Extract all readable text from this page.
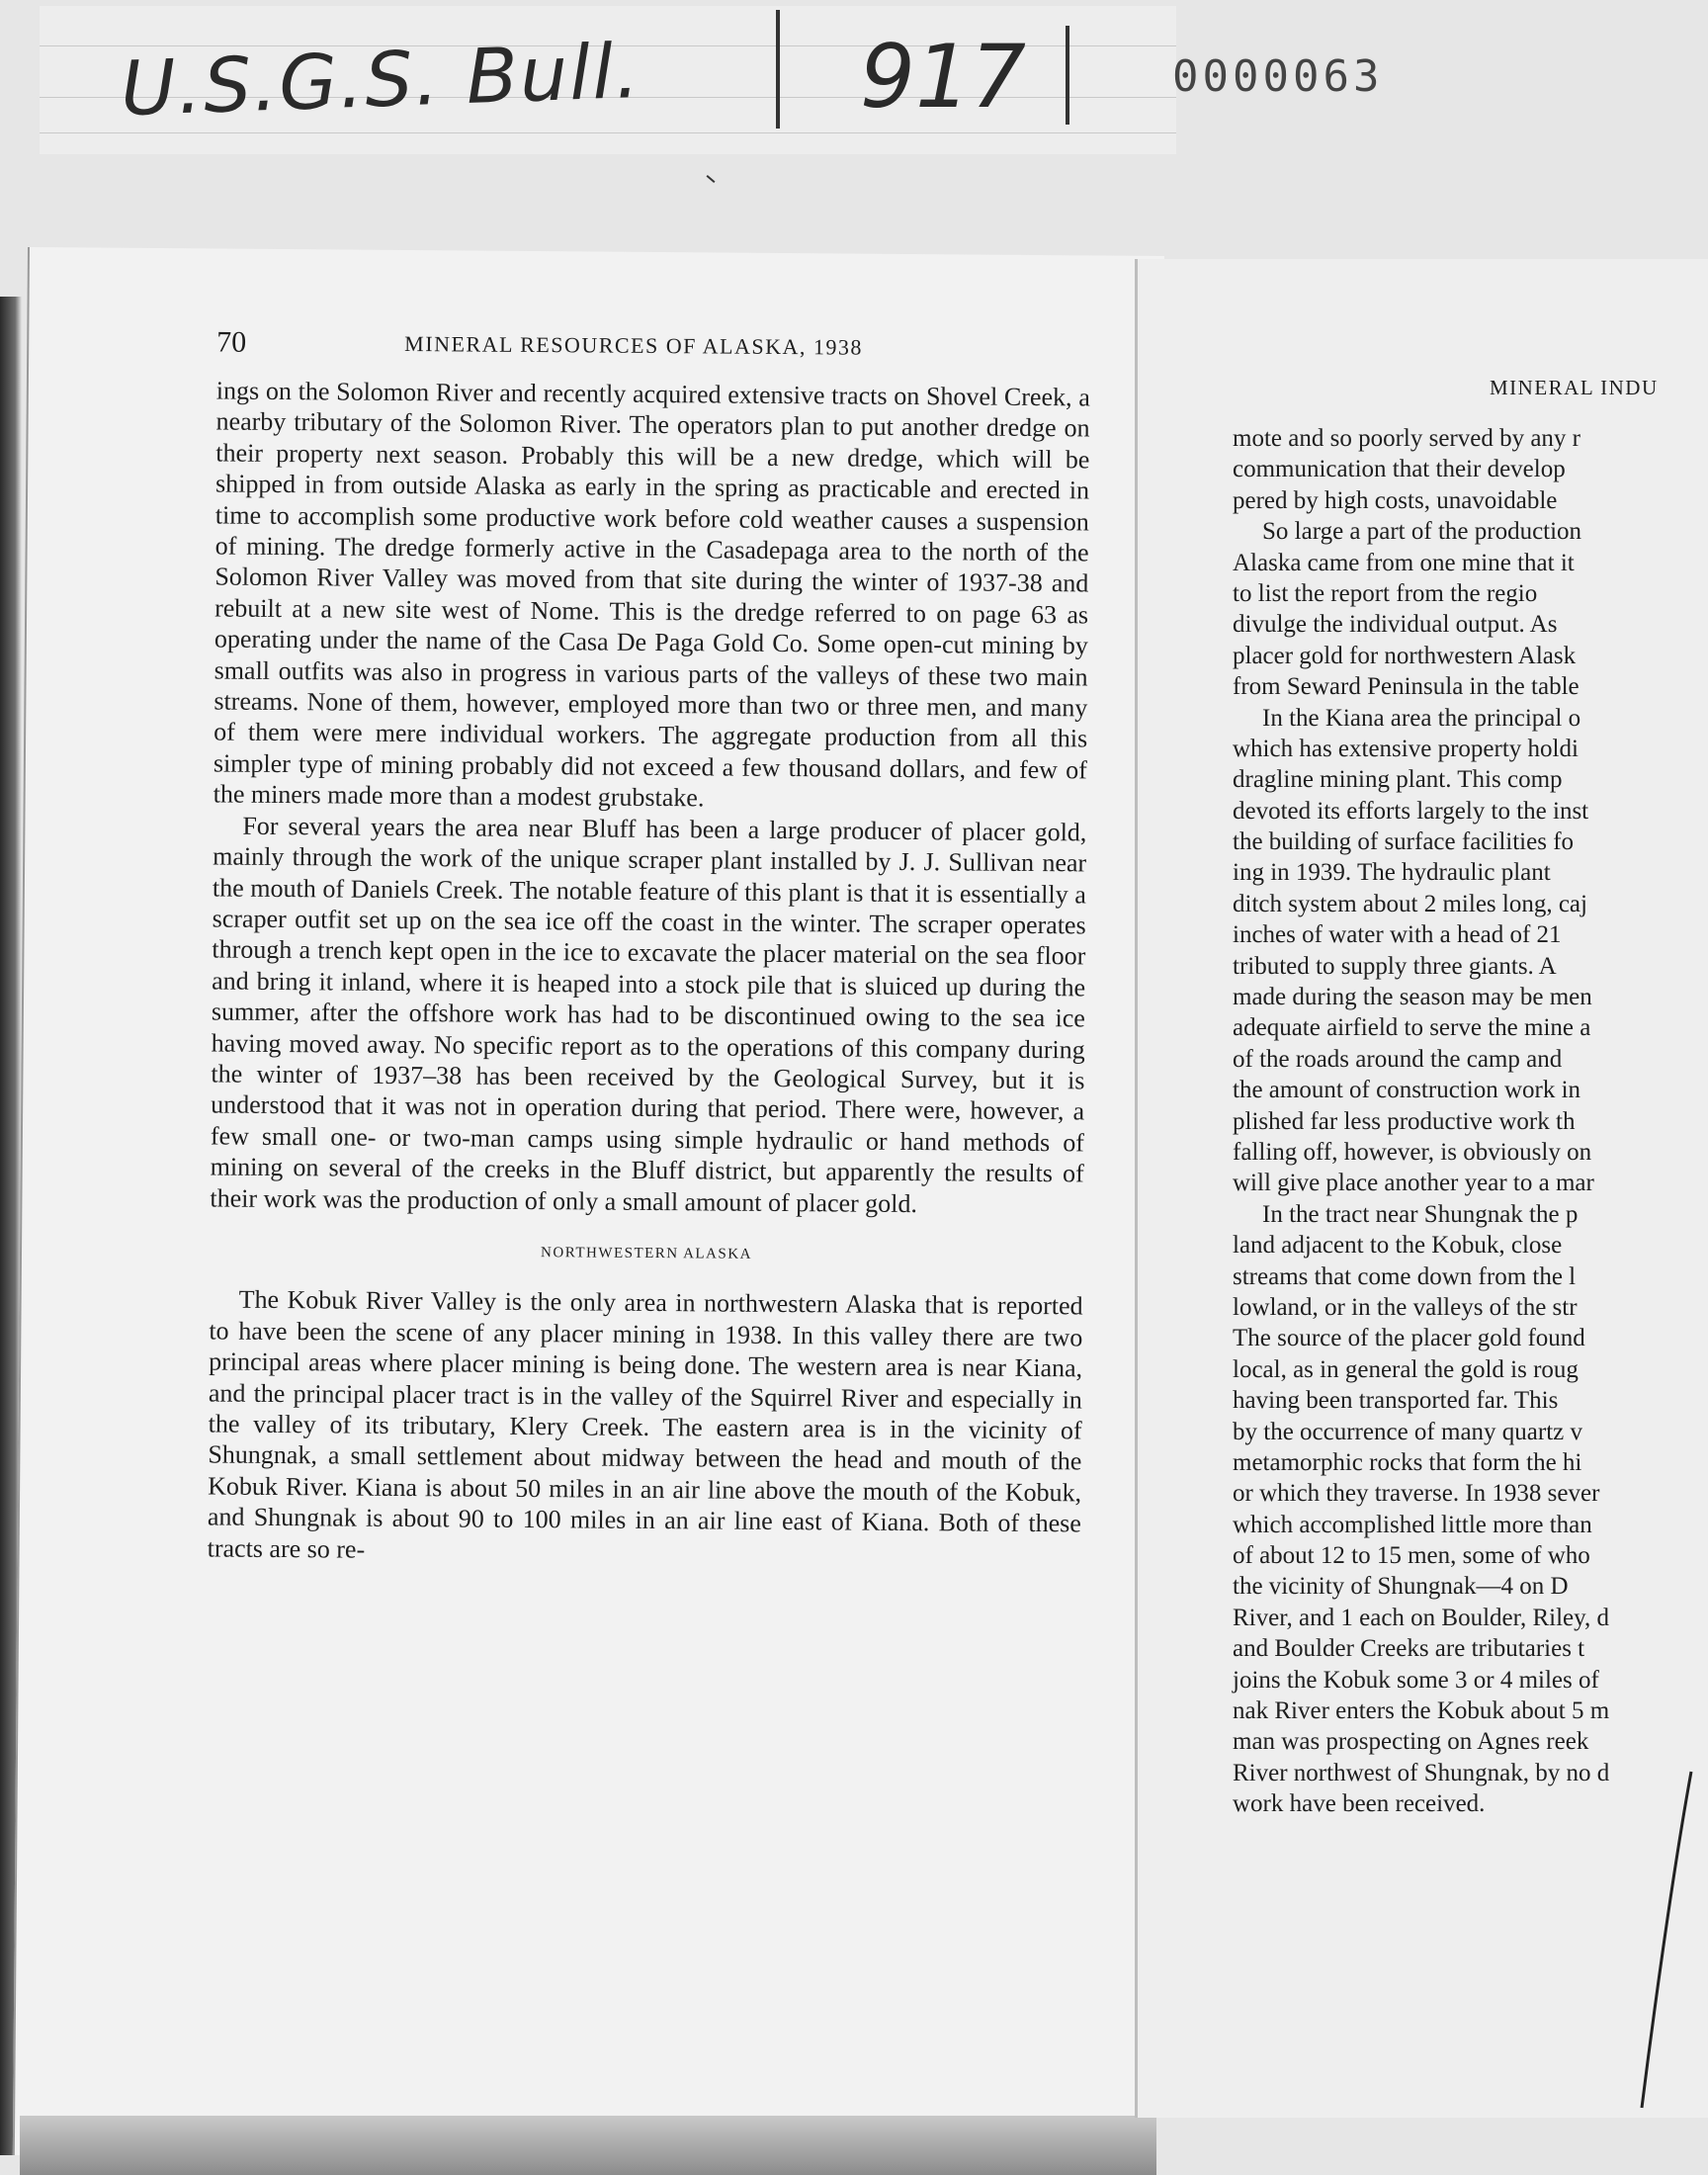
U.S.G.S. Bull.	917	0000063
70	MINERAL RESOURCES OF ALASKA, 1938

ings on the Solomon River and recently acquired extensive tracts on Shovel Creek, a nearby tributary of the Solomon River. The operators plan to put another dredge on their property next season. Probably this will be a new dredge, which will be shipped in from outside Alaska as early in the spring as practicable and erected in time to accomplish some productive work before cold weather causes a suspension of mining. The dredge formerly active in the Casadepaga area to the north of the Solomon River Valley was moved from that site during the winter of 1937-38 and rebuilt at a new site west of Nome. This is the dredge referred to on page 63 as operating under the name of the Casa De Paga Gold Co. Some open-cut mining by small outfits was also in progress in various parts of the valleys of these two main streams. None of them, however, employed more than two or three men, and many of them were mere individual workers. The aggregate production from all this simpler type of mining probably did not exceed a few thousand dollars, and few of the miners made more than a modest grubstake.

For several years the area near Bluff has been a large producer of placer gold, mainly through the work of the unique scraper plant installed by J. J. Sullivan near the mouth of Daniels Creek. The notable feature of this plant is that it is essentially a scraper outfit set up on the sea ice off the coast in the winter. The scraper operates through a trench kept open in the ice to excavate the placer material on the sea floor and bring it inland, where it is heaped into a stock pile that is sluiced up during the summer, after the offshore work has had to be discontinued owing to the sea ice having moved away. No specific report as to the operations of this company during the winter of 1937–38 has been received by the Geological Survey, but it is understood that it was not in operation during that period. There were, however, a few small one- or two-man camps using simple hydraulic or hand methods of mining on several of the creeks in the Bluff district, but apparently the results of their work was the production of only a small amount of placer gold.

NORTHWESTERN ALASKA

The Kobuk River Valley is the only area in northwestern Alaska that is reported to have been the scene of any placer mining in 1938. In this valley there are two principal areas where placer mining is being done. The western area is near Kiana, and the principal placer tract is in the valley of the Squirrel River and especially in the valley of its tributary, Klery Creek. The eastern area is in the vicinity of Shungnak, a small settlement about midway between the head and mouth of the Kobuk River. Kiana is about 50 miles in an air line above the mouth of the Kobuk, and Shungnak is about 90 to 100 miles in an air line east of Kiana. Both of these tracts are so re-

MINERAL INDU
mote and so poorly served by any r
communication that their develop
pered by high costs, unavoidable
So large a part of the production
Alaska came from one mine that it
to list the report from the regio
divulge the individual output. As
placer gold for northwestern Alask
from Seward Peninsula in the table
In the Kiana area the principal o
which has extensive property holdi
dragline mining plant. This comp
devoted its efforts largely to the inst
the building of surface facilities fo
ing in 1939. The hydraulic plant
ditch system about 2 miles long, caj
inches of water with a head of 21
tributed to supply three giants. A
made during the season may be men
adequate airfield to serve the mine a
of the roads around the camp and
the amount of construction work in
plished far less productive work th
falling off, however, is obviously on
will give place another year to a mar
In the tract near Shungnak the p
land adjacent to the Kobuk, close
streams that come down from the l
lowland, or in the valleys of the str
The source of the placer gold found
local, as in general the gold is roug
having been transported far. This
by the occurrence of many quartz v
metamorphic rocks that form the hi
or which they traverse. In 1938 sever
which accomplished little more than
of about 12 to 15 men, some of who
the vicinity of Shungnak—4 on D
River, and 1 each on Boulder, Riley, d
and Boulder Creeks are tributaries t
joins the Kobuk some 3 or 4 miles of
nak River enters the Kobuk about 5 m
man was prospecting on Agnes reek
River northwest of Shungnak, by no d
work have been received.
